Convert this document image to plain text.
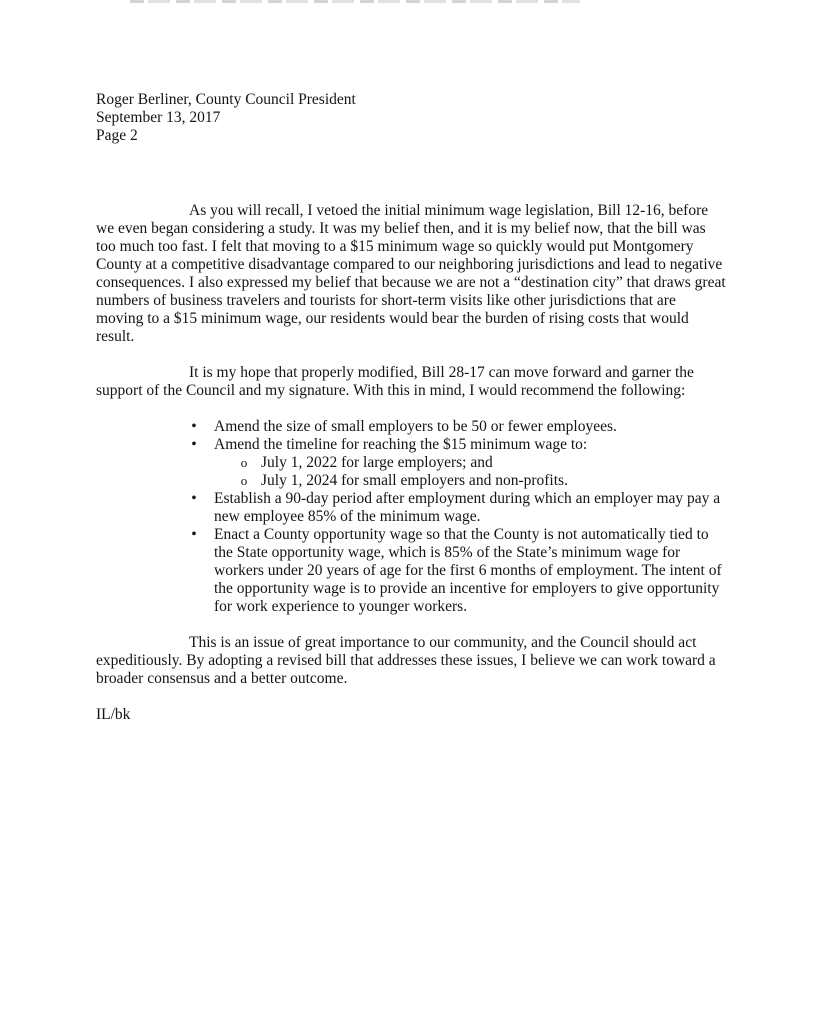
Roger Berliner, County Council President
September 13, 2017
Page 2

As you will recall, I vetoed the initial minimum wage legislation, Bill 12-16, before we even began considering a study. It was my belief then, and it is my belief now, that the bill was too much too fast. I felt that moving to a $15 minimum wage so quickly would put Montgomery County at a competitive disadvantage compared to our neighboring jurisdictions and lead to negative consequences. I also expressed my belief that because we are not a “destination city” that draws great numbers of business travelers and tourists for short-term visits like other jurisdictions that are moving to a $15 minimum wage, our residents would bear the burden of rising costs that would result.

It is my hope that properly modified, Bill 28-17 can move forward and garner the support of the Council and my signature. With this in mind, I would recommend the following:

• Amend the size of small employers to be 50 or fewer employees.
• Amend the timeline for reaching the $15 minimum wage to:
o July 1, 2022 for large employers; and
o July 1, 2024 for small employers and non-profits.
• Establish a 90-day period after employment during which an employer may pay a new employee 85% of the minimum wage.
• Enact a County opportunity wage so that the County is not automatically tied to the State opportunity wage, which is 85% of the State’s minimum wage for workers under 20 years of age for the first 6 months of employment. The intent of the opportunity wage is to provide an incentive for employers to give opportunity for work experience to younger workers.

This is an issue of great importance to our community, and the Council should act expeditiously. By adopting a revised bill that addresses these issues, I believe we can work toward a broader consensus and a better outcome.

IL/bk
